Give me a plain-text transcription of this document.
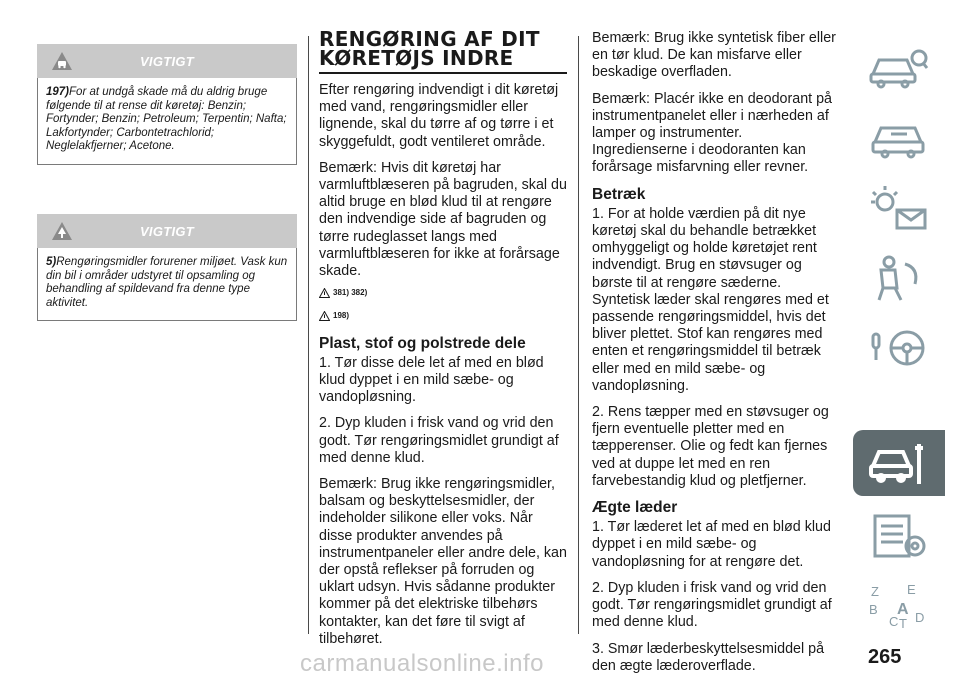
VIGTIGT
197)For at undgå skade må du aldrig bruge følgende til at rense dit køretøj: Benzin; Fortynder; Benzin; Petroleum; Terpentin; Nafta; Lakfortynder; Carbontetrachlorid; Neglelakfjerner; Acetone.
VIGTIGT
5)Rengøringsmidler forurener miljøet. Vask kun din bil i områder udstyret til opsamling og behandling af spildevand fra denne type aktivitet.
RENGØRING AF DIT
KØRETØJS INDRE

Efter rengøring indvendigt i dit køretøj med vand, rengøringsmidler eller lignende, skal du tørre af og tørre i et skyggefuldt, godt ventileret område.

Bemærk: Hvis dit køretøj har varmluftblæseren på bagruden, skal du altid bruge en blød klud til at rengøre den indvendige side af bagruden og tørre rudeglasset langs med varmluftblæseren for ikke at forårsage skade.

381) 382)
198)
Plast, stof og polstrede dele

1. Tør disse dele let af med en blød klud dyppet i en mild sæbe- og vandopløsning.

2. Dyp kluden i frisk vand og vrid den godt. Tør rengøringsmidlet grundigt af med denne klud.

Bemærk: Brug ikke rengøringsmidler, balsam og beskyttelsesmidler, der indeholder silikone eller voks. Når disse produkter anvendes på instrumentpaneler eller andre dele, kan der opstå reflekser på forruden og uklart udsyn. Hvis sådanne produkter kommer på det elektriske tilbehørs kontakter, kan det føre til svigt af tilbehøret.

Bemærk: Brug ikke syntetisk fiber eller en tør klud. De kan misfarve eller beskadige overfladen.

Bemærk: Placér ikke en deodorant på instrumentpanelet eller i nærheden af lamper og instrumenter. Ingredienserne i deodoranten kan forårsage misfarvning eller revner.

Betræk

1. For at holde værdien på dit nye køretøj skal du behandle betrækket omhyggeligt og holde køretøjet rent indvendigt. Brug en støvsuger og børste til at rengøre sæderne. Syntetisk læder skal rengøres med et passende rengøringsmiddel, hvis det bliver plettet. Stof kan rengøres med enten et rengøringsmiddel til betræk eller med en mild sæbe- og vandopløsning.

2. Rens tæpper med en støvsuger og fjern eventuelle pletter med en tæpperenser. Olie og fedt kan fjernes ved at duppe let med en ren farvebestandig klud og pletfjerner.

Ægte læder

1. Tør læderet let af med en blød klud dyppet i en mild sæbe- og vandopløsning for at rengøre det.

2. Dyp kluden i frisk vand og vrid den godt. Tør rengøringsmidlet grundigt af med denne klud.

3. Smør læderbeskyttelsesmiddel på den ægte læderoverflade.

Z E
B A
C T D
265
carmanualsonline.info
